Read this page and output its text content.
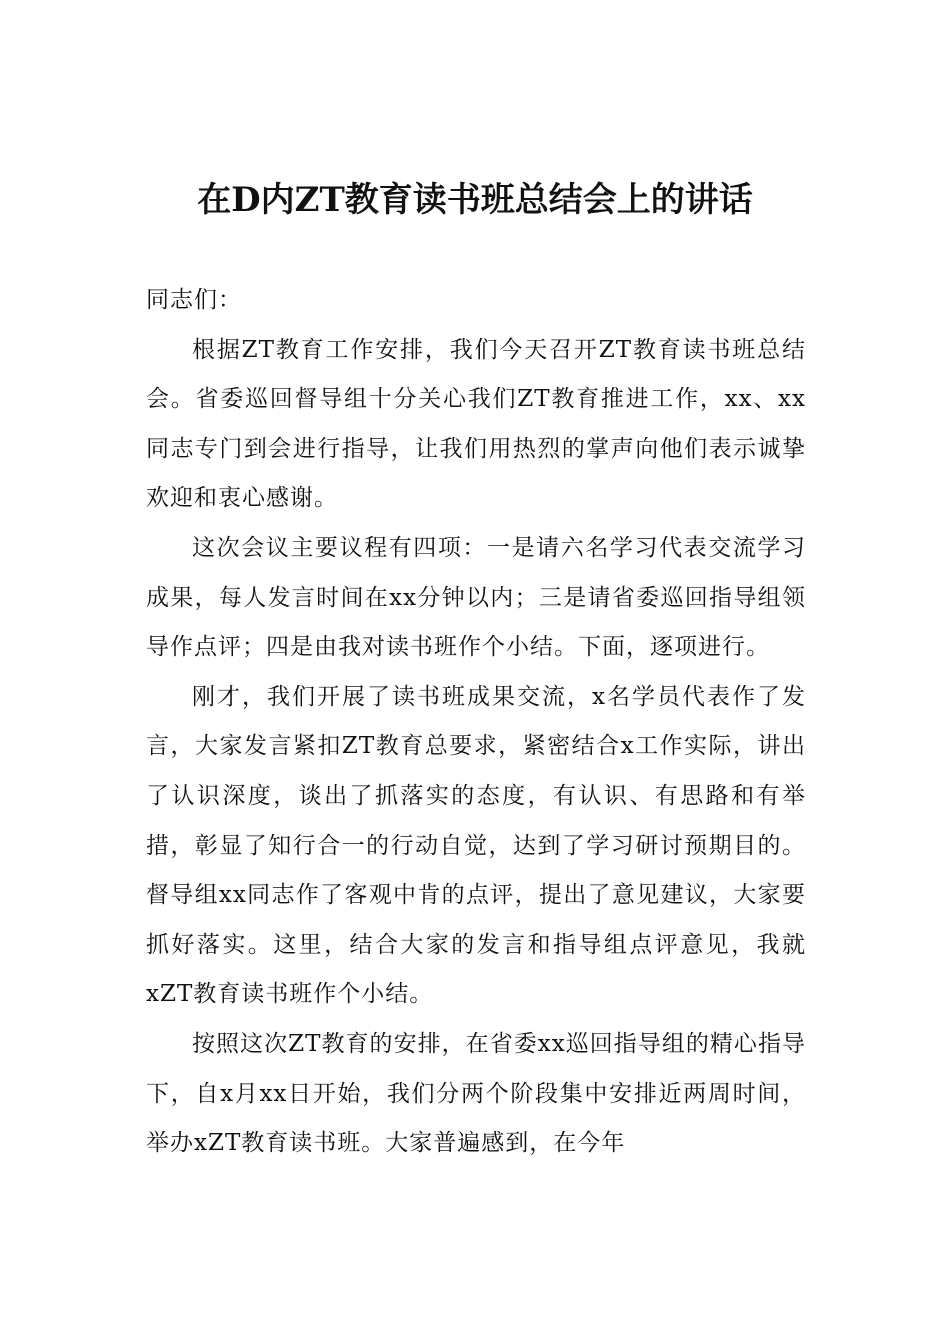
在D内ZT教育读书班总结会上的讲话

同志们：

根据ZT教育工作安排，我们今天召开ZT教育读书班总结会。省委巡回督导组十分关心我们ZT教育推进工作，xx、xx同志专门到会进行指导，让我们用热烈的掌声向他们表示诚挚欢迎和衷心感谢。

这次会议主要议程有四项：一是请六名学习代表交流学习成果，每人发言时间在xx分钟以内；三是请省委巡回指导组领导作点评；四是由我对读书班作个小结。下面，逐项进行。

刚才，我们开展了读书班成果交流，x名学员代表作了发言，大家发言紧扣ZT教育总要求，紧密结合x工作实际，讲出了认识深度，谈出了抓落实的态度，有认识、有思路和有举措，彰显了知行合一的行动自觉，达到了学习研讨预期目的。督导组xx同志作了客观中肯的点评，提出了意见建议，大家要抓好落实。这里，结合大家的发言和指导组点评意见，我就xZT教育读书班作个小结。

按照这次ZT教育的安排，在省委xx巡回指导组的精心指导下，自x月xx日开始，我们分两个阶段集中安排近两周时间，举办xZT教育读书班。大家普遍感到，在今年
